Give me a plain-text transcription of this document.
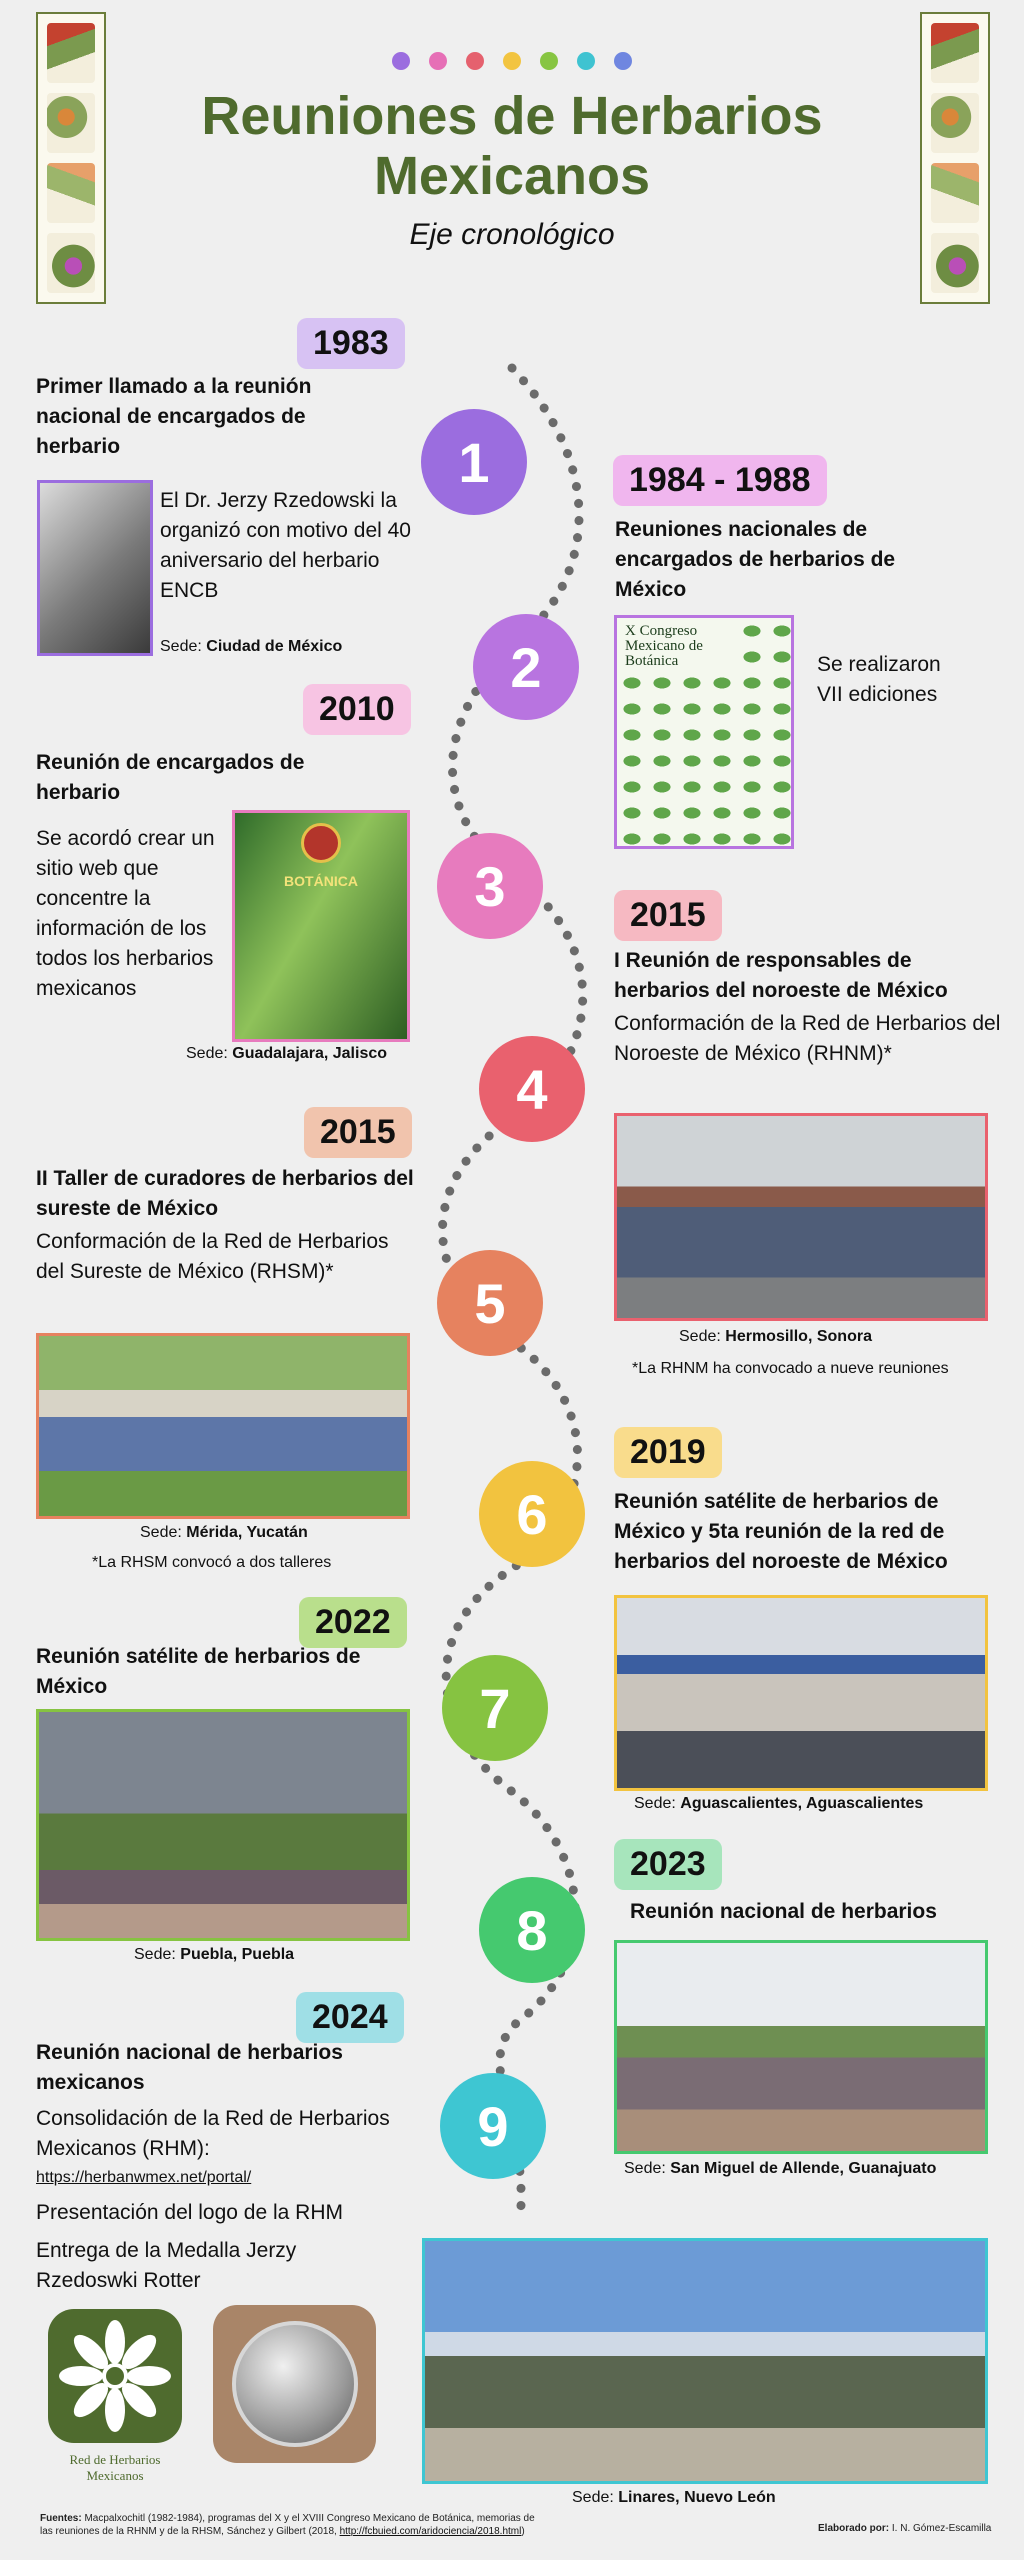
Reuniones de Herbarios
Mexicanos
Eje cronológico
1
2
3
4
5
6
7
8
9
1983
Primer llamado a la reunión nacional de encargados de herbario
El Dr. Jerzy Rzedowski la organizó con motivo del 40 aniversario del herbario ENCB
Sede: Ciudad de México
1984 - 1988
Reuniones nacionales de encargados de herbarios de México
X Congreso Mexicano de Botánica	Se realizaron VII ediciones
2010
Reunión de encargados de herbario
Se acordó crear un sitio web que concentre la información de los todos los herbarios mexicanos
BOTÁNICA
Sede: Guadalajara, Jalisco
2015
I Reunión de responsables de herbarios del noroeste de México
Conformación de la Red de Herbarios del Noroeste de México (RHNM)*
Sede: Hermosillo, Sonora
*La RHNM ha convocado a nueve reuniones
2015
II Taller de curadores de herbarios del sureste de México
Conformación de la Red de Herbarios del Sureste de México (RHSM)*
Sede: Mérida, Yucatán
*La RHSM convocó a dos talleres
2019
Reunión satélite de herbarios de México y 5ta reunión de la red de herbarios del noroeste de México
Sede: Aguascalientes, Aguascalientes
2022
Reunión satélite de herbarios de México
Sede: Puebla, Puebla
2023
Reunión nacional de herbarios
Sede: San Miguel de Allende, Guanajuato
2024
Reunión nacional de herbarios mexicanos
Consolidación de la Red de Herbarios Mexicanos (RHM):
https://herbanwmex.net/portal/
Presentación del logo de la RHM
Entrega de la Medalla Jerzy Rzedoswki Rotter
Red de Herbarios Mexicanos
Sede: Linares, Nuevo León
Fuentes: Macpalxochitl (1982-1984), programas del X y el XVIII Congreso Mexicano de Botánica, memorias de las reuniones de la RHNM y de la RHSM, Sánchez y Gilbert (2018, http://fcbuied.com/aridociencia/2018.html)	Elaborado por: I. N. Gómez-Escamilla
